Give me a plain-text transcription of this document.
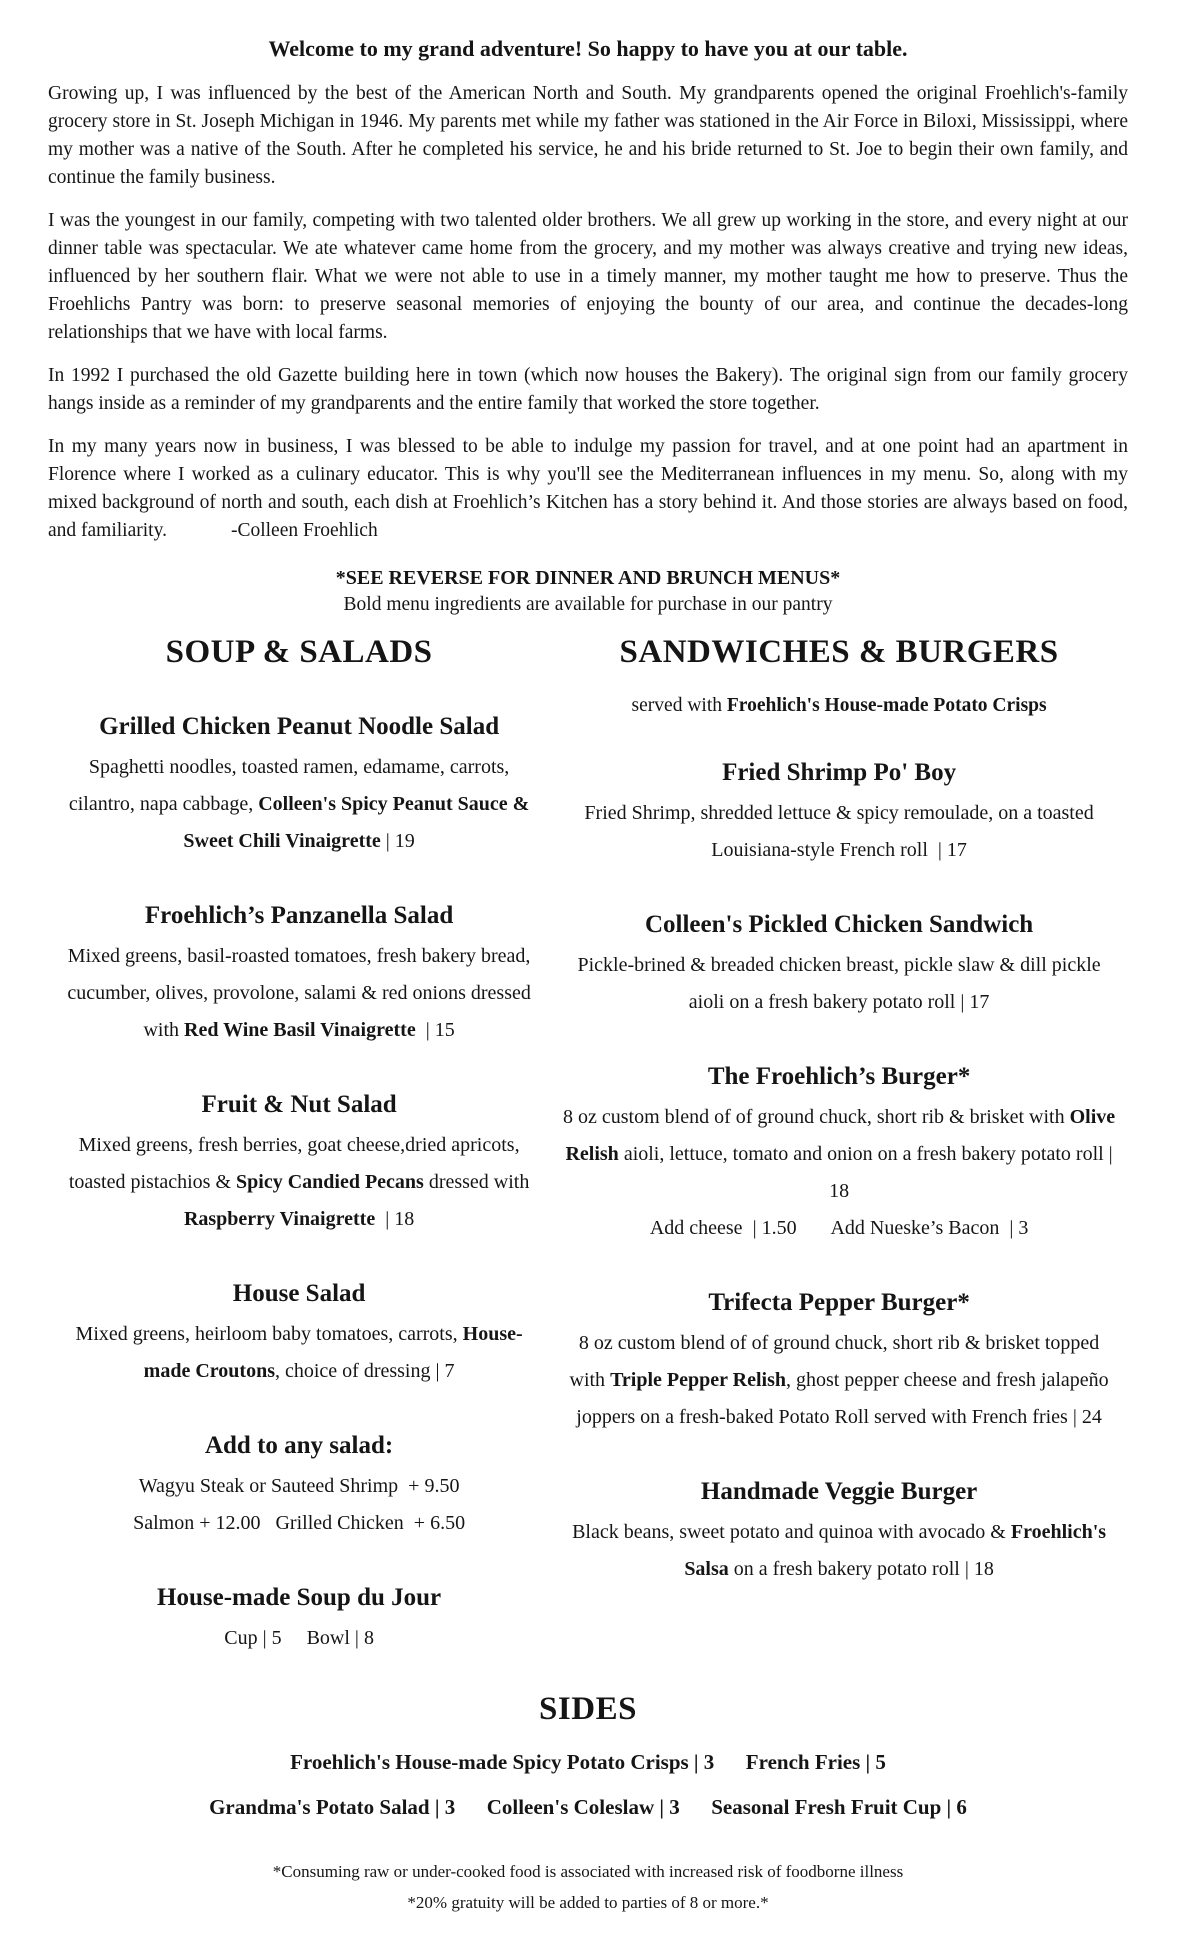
Welcome to my grand adventure! So happy to have you at our table.

Growing up, I was influenced by the best of the American North and South. My grandparents opened the original Froehlich's-family grocery store in St. Joseph Michigan in 1946. My parents met while my father was stationed in the Air Force in Biloxi, Mississippi, where my mother was a native of the South. After he completed his service, he and his bride returned to St. Joe to begin their own family, and continue the family business.

I was the youngest in our family, competing with two talented older brothers. We all grew up working in the store, and every night at our dinner table was spectacular. We ate whatever came home from the grocery, and my mother was always creative and trying new ideas, influenced by her southern flair. What we were not able to use in a timely manner, my mother taught me how to preserve. Thus the Froehlichs Pantry was born: to preserve seasonal memories of enjoying the bounty of our area, and continue the decades-long relationships that we have with local farms.

In 1992 I purchased the old Gazette building here in town (which now houses the Bakery). The original sign from our family grocery hangs inside as a reminder of my grandparents and the entire family that worked the store together.

In my many years now in business, I was blessed to be able to indulge my passion for travel, and at one point had an apartment in Florence where I worked as a culinary educator. This is why you'll see the Mediterranean influences in my menu. So, along with my mixed background of north and south, each dish at Froehlich’s Kitchen has a story behind it. And those stories are always based on food, and familiarity.	-Colleen Froehlich

*SEE REVERSE FOR DINNER AND BRUNCH MENUS*

Bold menu ingredients are available for purchase in our pantry

SOUP & SALADS
Grilled Chicken Peanut Noodle Salad

Spaghetti noodles, toasted ramen, edamame, carrots, cilantro, napa cabbage, Colleen's Spicy Peanut Sauce & Sweet Chili Vinaigrette | 19

Froehlich’s Panzanella Salad

Mixed greens, basil-roasted tomatoes, fresh bakery bread, cucumber, olives, provolone, salami & red onions dressed with Red Wine Basil Vinaigrette  | 15

Fruit & Nut Salad

Mixed greens, fresh berries, goat cheese,dried apricots, toasted pistachios & Spicy Candied Pecans dressed with Raspberry Vinaigrette  | 18

House Salad

Mixed greens, heirloom baby tomatoes, carrots, House-made Croutons, choice of dressing | 7

Add to any salad:

Wagyu Steak or Sauteed Shrimp  + 9.50

Salmon + 12.00   Grilled Chicken  + 6.50

House-made Soup du Jour

Cup | 5     Bowl | 8

SANDWICHES & BURGERS

served with Froehlich's House-made Potato Crisps

Fried Shrimp Po' Boy

Fried Shrimp, shredded lettuce & spicy remoulade, on a toasted Louisiana-style French roll  | 17

Colleen's Pickled Chicken Sandwich

Pickle-brined & breaded chicken breast, pickle slaw & dill pickle aioli on a fresh bakery potato roll | 17

The Froehlich’s Burger*

8 oz custom blend of of ground chuck, short rib & brisket with Olive Relish aioli, lettuce, tomato and onion on a fresh bakery potato roll | 18

Add cheese  | 1.50       Add Nueske’s Bacon  | 3

Trifecta Pepper Burger*

8 oz custom blend of of ground chuck, short rib & brisket topped with Triple Pepper Relish, ghost pepper cheese and fresh jalapeño joppers on a fresh-baked Potato Roll served with French fries | 24

Handmade Veggie Burger

Black beans, sweet potato and quinoa with avocado & Froehlich's Salsa on a fresh bakery potato roll | 18

SIDES

Froehlich's House-made Spicy Potato Crisps | 3      French Fries | 5

Grandma's Potato Salad | 3      Colleen's Coleslaw | 3      Seasonal Fresh Fruit Cup | 6

*Consuming raw or under-cooked food is associated with increased risk of foodborne illness

*20% gratuity will be added to parties of 8 or more.*
